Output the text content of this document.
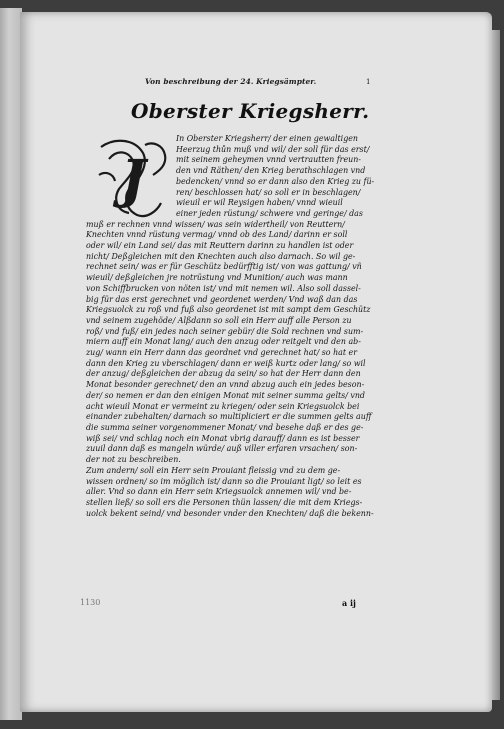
Von beschreibung der 24. Kriegsämpter.	1
Oberster Kriegsherr.
J
In Oberster Kriegsherr/ der einen gewaltigen
Heerzug thůn muß vnd wil/ der soll für das erst/
mit seinem geheymen vnnd vertrautten freun-
den vnd Räthen/ den Krieg berathschlagen vnd
bedencken/ vnnd so er dann also den Krieg zu fü-
ren/ beschlossen hat/ so soll er in beschlagen/
wieuil er wil Reysigen haben/ vnnd wieuil
einer jeden rüstung/ schwere vnd geringe/ das
muß er rechnen vnnd wissen/ was sein widertheil/ von Reuttern/
Knechten vnnd rüstung vermag/ vnnd ob des Land/ darinn er soll
oder wil/ ein Land sei/ das mit Reuttern darinn zu handlen ist oder
nicht/ Deßgleichen mit den Knechten auch also darnach. So wil ge-
rechnet sein/ was er für Geschütz bedürfftig ist/ von was gattung/ vñ
wieuil/ deßgleichen jre notrüstung vnd Munition/ auch was mann
von Schiffbrucken von nöten ist/ vnd mit nemen wil. Also soll dassel-
big für das erst gerechnet vnd geordenet werden/ Vnd waß dan das
Kriegsuolck zu roß vnd fuß also geordenet ist mit sampt dem Geschütz
vnd seinem zugehöde/ Alßdann so soll ein Herr auff alle Person zu
roß/ vnd fuß/ ein jedes nach seiner gebür/ die Sold rechnen vnd sum-
miern auff ein Monat lang/ auch den anzug oder reitgelt vnd den ab-
zug/ wann ein Herr dann das geordnet vnd gerechnet hat/ so hat er
dann den Krieg zu vberschlagen/ dann er weiß kurtz oder lang/ so wil
der anzug/ deßgleichen der abzug da sein/ so hat der Herr dann den
Monat besonder gerechnet/ den an vnnd abzug auch ein jedes beson-
der/ so nemen er dan den einigen Monat mit seiner summa gelts/ vnd
acht wieuil Monat er vermeint zu kriegen/ oder sein Kriegsuolck bei
einander zubehalten/ darnach so multipliciert er die summen gelts auff
die summa seiner vorgenommener Monat/ vnd besehe daß er des ge-
wiß sei/ vnd schlag noch ein Monat vbrig darauff/ dann es ist besser
zuuil dann daß es mangeln würde/ auß viller erfaren vrsachen/ son-
der not zu beschreiben.
Zum andern/ soll ein Herr sein Prouiant fleissig vnd zu dem ge-
wissen ordnen/ so im möglich ist/ dann so die Prouiant ligt/ so leit es
aller. Vnd so dann ein Herr sein Kriegsuolck annemen wil/ vnd be-
stellen ließ/ so soll ers die Personen thün lassen/ die mit dem Kriegs-
uolck bekent seind/ vnd besonder vnder den Knechten/ daß die bekenn-
1130	a ij
